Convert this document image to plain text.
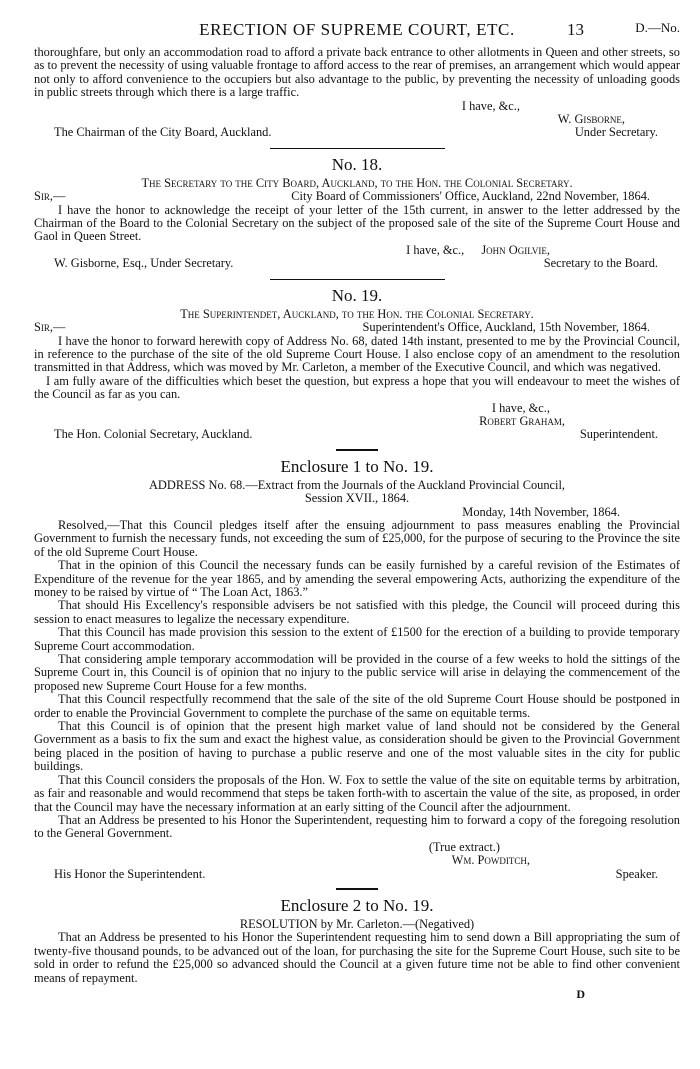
ERECTION OF SUPREME COURT, ETC.	13	D.—No.

thoroughfare, but only an accommodation road to afford a private back entrance to other allotments in Queen and other streets, so as to prevent the necessity of using valuable frontage to afford access to the rear of premises, an arrangement which would appear not only to afford convenience to the occupiers but also advantage to the public, by preventing the necessity of unloading goods in public streets through which there is a large traffic.

I have, &c.,
W. Gisborne,
The Chairman of the City Board, Auckland.	Under Secretary.
No. 18.
The Secretary to the City Board, Auckland, to the Hon. the Colonial Secretary.
Sir,—	City Board of Commissioners' Office, Auckland, 22nd November, 1864.

I have the honor to acknowledge the receipt of your letter of the 15th current, in answer to the letter addressed by the Chairman of the Board to the Colonial Secretary on the subject of the proposed sale of the site of the Supreme Court House and Gaol in Queen Street.

I have, &c., John Ogilvie,
W. Gisborne, Esq., Under Secretary.	Secretary to the Board.
No. 19.
The Superintendet, Auckland, to the Hon. the Colonial Secretary.
Sir,—	Superintendent's Office, Auckland, 15th November, 1864.

I have the honor to forward herewith copy of Address No. 68, dated 14th instant, presented to me by the Provincial Council, in reference to the purchase of the site of the old Supreme Court House. I also enclose copy of an amendment to the resolution transmitted in that Address, which was moved by Mr. Carleton, a member of the Executive Council, and which was negatived.

I am fully aware of the difficulties which beset the question, but express a hope that you will endeavour to meet the wishes of the Council as far as you can.

I have, &c.,
Robert Graham,
The Hon. Colonial Secretary, Auckland.	Superintendent.
Enclosure 1 to No. 19.
ADDRESS No. 68.—Extract from the Journals of the Auckland Provincial Council,
Session XVII., 1864.
Monday, 14th November, 1864.

Resolved,—That this Council pledges itself after the ensuing adjournment to pass measures enabling the Provincial Government to furnish the necessary funds, not exceeding the sum of £25,000, for the purpose of securing to the Province the site of the old Supreme Court House.

That in the opinion of this Council the necessary funds can be easily furnished by a careful revision of the Estimates of Expenditure of the revenue for the year 1865, and by amending the several empowering Acts, authorizing the expenditure of the money to be raised by virtue of “ The Loan Act, 1863.”

That should His Excellency's responsible advisers be not satisfied with this pledge, the Council will proceed during this session to enact measures to legalize the necessary expenditure.

That this Council has made provision this session to the extent of £1500 for the erection of a building to provide temporary Supreme Court accommodation.

That considering ample temporary accommodation will be provided in the course of a few weeks to hold the sittings of the Supreme Court in, this Council is of opinion that no injury to the public service will arise in delaying the commencement of the proposed new Supreme Court House for a few months.

That this Council respectfully recommend that the sale of the site of the old Supreme Court House should be postponed in order to enable the Provincial Government to complete the purchase of the same on equitable terms.

That this Council is of opinion that the present high market value of land should not be considered by the General Government as a basis to fix the sum and exact the highest value, as consideration should be given to the Provincial Government being placed in the position of having to purchase a public reserve and one of the most valuable sites in the city for public buildings.

That this Council considers the proposals of the Hon. W. Fox to settle the value of the site on equitable terms by arbitration, as fair and reasonable and would recommend that steps be taken forth-with to ascertain the value of the site, as proposed, in order that the Council may have the necessary information at an early sitting of the Council after the adjournment.

That an Address be presented to his Honor the Superintendent, requesting him to forward a copy of the foregoing resolution to the General Government.

(True extract.)
Wm. Powditch,
His Honor the Superintendent.	Speaker.
Enclosure 2 to No. 19.
RESOLUTION by Mr. Carleton.—(Negatived)

That an Address be presented to his Honor the Superintendent requesting him to send down a Bill appropriating the sum of twenty-five thousand pounds, to be advanced out of the loan, for purchasing the site for the Supreme Court House, such site to be sold in order to refund the £25,000 so advanced should the Council at a given future time not be able to find other convenient means of repayment.

D
